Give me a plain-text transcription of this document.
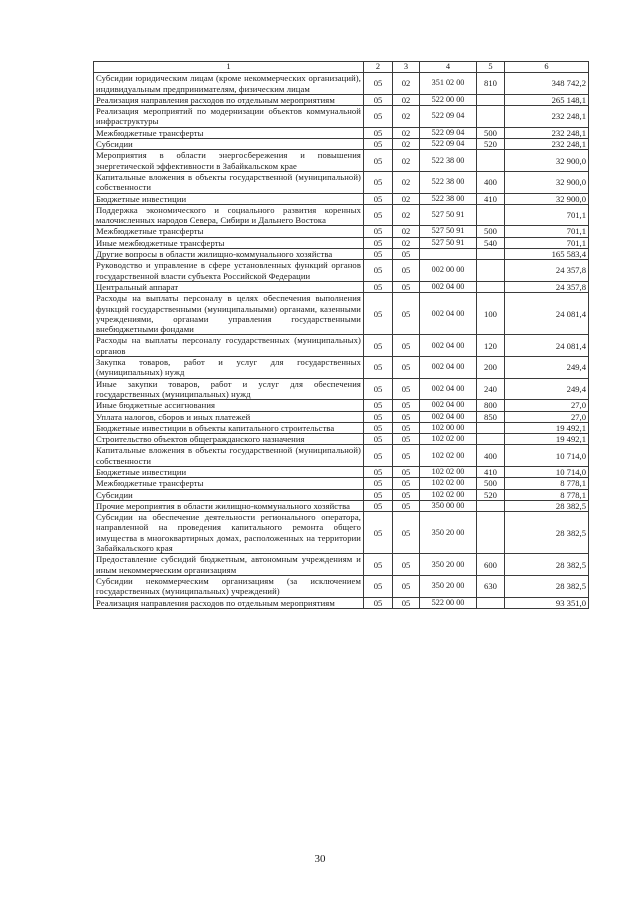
1	2	3	4	5	6
Субсидии юридическим лицам (кроме некоммерческих организаций), индивидуальным предпринимателям, физическим лицам	05	02	351 02 00	810	348 742,2
Реализация направления расходов по отдельным мероприятиям	05	02	522 00 00		265 148,1
Реализация мероприятий по модернизации объектов коммунальной инфраструктуры	05	02	522 09 04		232 248,1
Межбюджетные трансферты	05	02	522 09 04	500	232 248,1
Субсидии	05	02	522 09 04	520	232 248,1
Мероприятия в области энергосбережения и повышения энергетической эффективности в Забайкальском крае	05	02	522 38 00		32 900,0
Капитальные вложения в объекты государственной (муниципальной) собственности	05	02	522 38 00	400	32 900,0
Бюджетные инвестиции	05	02	522 38 00	410	32 900,0
Поддержка экономического и социального развития коренных малочисленных народов Севера, Сибири и Дальнего Востока	05	02	527 50 91		701,1
Межбюджетные трансферты	05	02	527 50 91	500	701,1
Иные межбюджетные трансферты	05	02	527 50 91	540	701,1
Другие вопросы в области жилищно-коммунального хозяйства	05	05			165 583,4
Руководство и управление в сфере установленных функций органов государственной власти субъекта Российской Федерации	05	05	002 00 00		24 357,8
Центральный аппарат	05	05	002 04 00		24 357,8
Расходы на выплаты персоналу в целях обеспечения выполнения функций государственными (муниципальными) органами, казенными учреждениями, органами управления государственными внебюджетными фондами	05	05	002 04 00	100	24 081,4
Расходы на выплаты персоналу государственных (муниципальных) органов	05	05	002 04 00	120	24 081,4
Закупка товаров, работ и услуг для государственных (муниципальных) нужд	05	05	002 04 00	200	249,4
Иные закупки товаров, работ и услуг для обеспечения государственных (муниципальных) нужд	05	05	002 04 00	240	249,4
Иные бюджетные ассигнования	05	05	002 04 00	800	27,0
Уплата налогов, сборов и иных платежей	05	05	002 04 00	850	27,0
Бюджетные инвестиции в объекты капитального строительства	05	05	102 00 00		19 492,1
Строительство объектов общегражданского назначения	05	05	102 02 00		19 492,1
Капитальные вложения в объекты государственной (муниципальной) собственности	05	05	102 02 00	400	10 714,0
Бюджетные инвестиции	05	05	102 02 00	410	10 714,0
Межбюджетные трансферты	05	05	102 02 00	500	8 778,1
Субсидии	05	05	102 02 00	520	8 778,1
Прочие мероприятия в области жилищно-коммунального хозяйства	05	05	350 00 00		28 382,5
Субсидии на обеспечение деятельности регионального оператора, направленной на проведения капитального ремонта общего имущества в многоквартирных домах, расположенных на территории Забайкальского края	05	05	350 20 00		28 382,5
Предоставление субсидий бюджетным, автономным учреждениям и иным некоммерческим организациям	05	05	350 20 00	600	28 382,5
Субсидии некоммерческим организациям (за исключением государственных (муниципальных) учреждений)	05	05	350 20 00	630	28 382,5
Реализация направления расходов по отдельным мероприятиям	05	05	522 00 00		93 351,0
30
